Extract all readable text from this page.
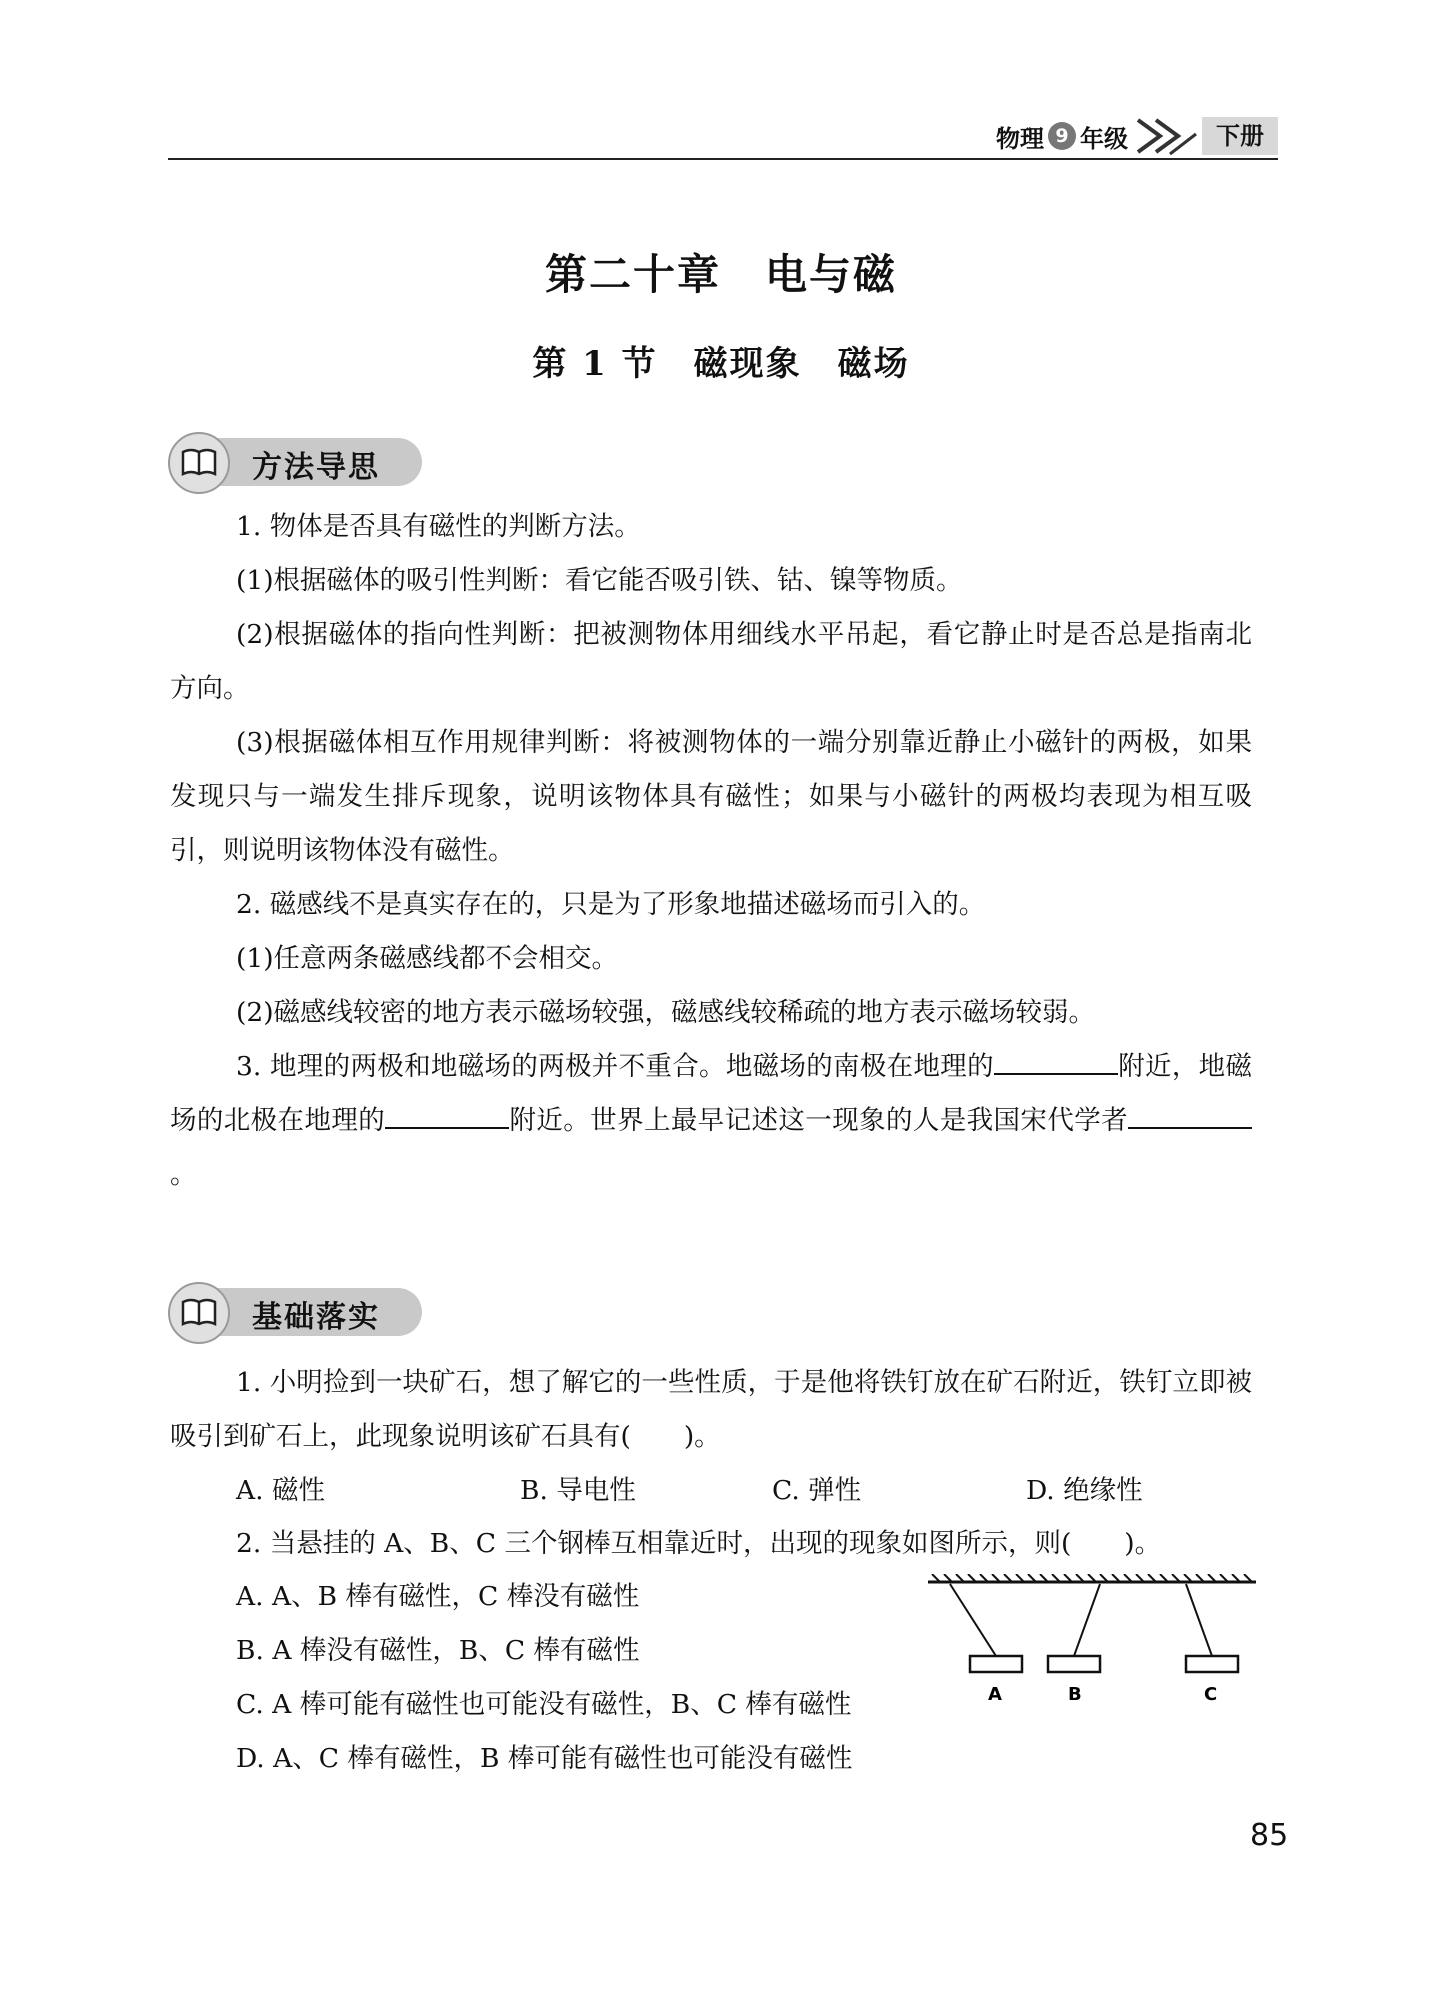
物理 9 年级	下册
第二十章　电与磁
第 1 节　磁现象　磁场
方法导思

1. 物体是否具有磁性的判断方法。

(1)根据磁体的吸引性判断：看它能否吸引铁、钴、镍等物质。

(2)根据磁体的指向性判断：把被测物体用细线水平吊起，看它静止时是否总是指南北方向。

(3)根据磁体相互作用规律判断：将被测物体的一端分别靠近静止小磁针的两极，如果发现只与一端发生排斥现象，说明该物体具有磁性；如果与小磁针的两极均表现为相互吸引，则说明该物体没有磁性。

2. 磁感线不是真实存在的，只是为了形象地描述磁场而引入的。

(1)任意两条磁感线都不会相交。

(2)磁感线较密的地方表示磁场较强，磁感线较稀疏的地方表示磁场较弱。

3. 地理的两极和地磁场的两极并不重合。地磁场的南极在地理的	附近，地磁场的北极在地理的	附近。世界上最早记述这一现象的人是我国宋代学者。

基础落实

1. 小明捡到一块矿石，想了解它的一些性质，于是他将铁钉放在矿石附近，铁钉立即被吸引到矿石上，此现象说明该矿石具有(　　)。

A. 磁性	B. 导电性	C. 弹性	D. 绝缘性

2. 当悬挂的 A、B、C 三个钢棒互相靠近时，出现的现象如图所示，则(　　)。

A. A、B 棒有磁性，C 棒没有磁性
B. A 棒没有磁性，B、C 棒有磁性
C. A 棒可能有磁性也可能没有磁性，B、C 棒有磁性
D. A、C 棒有磁性，B 棒可能有磁性也可能没有磁性
A	B	C
85
